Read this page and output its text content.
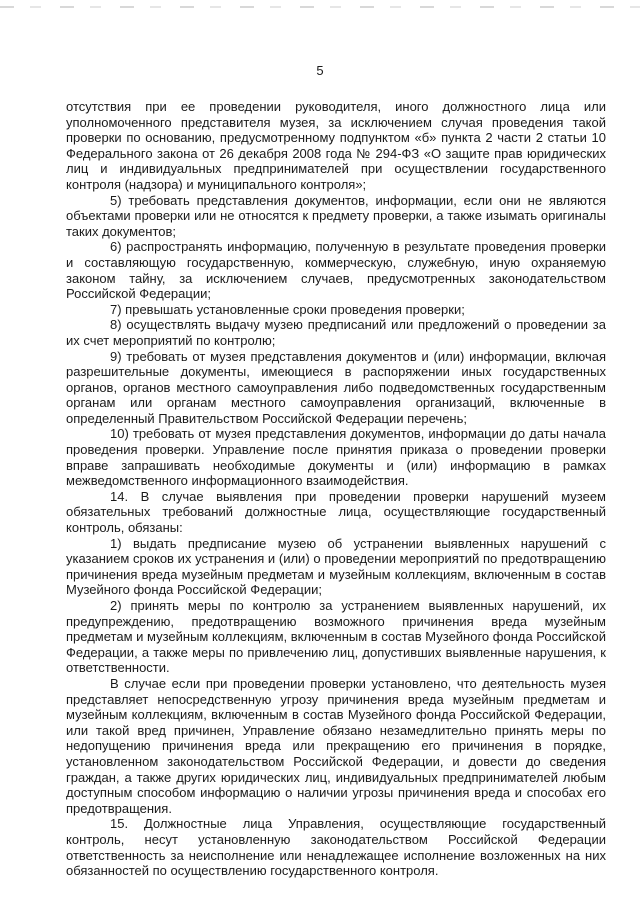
5

отсутствия при ее проведении руководителя, иного должностного лица или уполномоченного представителя музея, за исключением случая проведения такой проверки по основанию, предусмотренному подпунктом «б» пункта 2 части 2 статьи 10 Федерального закона от 26 декабря 2008 года № 294-ФЗ «О защите прав юридических лиц и индивидуальных предпринимателей при осуществлении государственного контроля (надзора) и муниципального контроля»;

5) требовать представления документов, информации, если они не являются объектами проверки или не относятся к предмету проверки, а также изымать оригиналы таких документов;

6) распространять информацию, полученную в результате проведения проверки и составляющую государственную, коммерческую, служебную, иную охраняемую законом тайну, за исключением случаев, предусмотренных законодательством Российской Федерации;

7) превышать установленные сроки проведения проверки;

8) осуществлять выдачу музею предписаний или предложений о проведении за их счет мероприятий по контролю;

9) требовать от музея представления документов и (или) информации, включая разрешительные документы, имеющиеся в распоряжении иных государственных органов, органов местного самоуправления либо подведомственных государственным органам или органам местного самоуправления организаций, включенные в определенный Правительством Российской Федерации перечень;

10) требовать от музея представления документов, информации до даты начала проведения проверки. Управление после принятия приказа о проведении проверки вправе запрашивать необходимые документы и (или) информацию в рамках межведомственного информационного взаимодействия.

14. В случае выявления при проведении проверки нарушений музеем обязательных требований должностные лица, осуществляющие государственный контроль, обязаны:

1) выдать предписание музею об устранении выявленных нарушений с указанием сроков их устранения и (или) о проведении мероприятий по предотвращению причинения вреда музейным предметам и музейным коллекциям, включенным в состав Музейного фонда Российской Федерации;

2) принять меры по контролю за устранением выявленных нарушений, их предупреждению, предотвращению возможного причинения вреда музейным предметам и музейным коллекциям, включенным в состав Музейного фонда Российской Федерации, а также меры по привлечению лиц, допустивших выявленные нарушения, к ответственности.

В случае если при проведении проверки установлено, что деятельность музея представляет непосредственную угрозу причинения вреда музейным предметам и музейным коллекциям, включенным в состав Музейного фонда Российской Федерации, или такой вред причинен, Управление обязано незамедлительно принять меры по недопущению причинения вреда или прекращению его причинения в порядке, установленном законодательством Российской Федерации, и довести до сведения граждан, а также других юридических лиц, индивидуальных предпринимателей любым доступным способом информацию о наличии угрозы причинения вреда и способах его предотвращения.

15. Должностные лица Управления, осуществляющие государственный контроль, несут установленную законодательством Российской Федерации ответственность за неисполнение или ненадлежащее исполнение возложенных на них обязанностей по осуществлению государственного контроля.
